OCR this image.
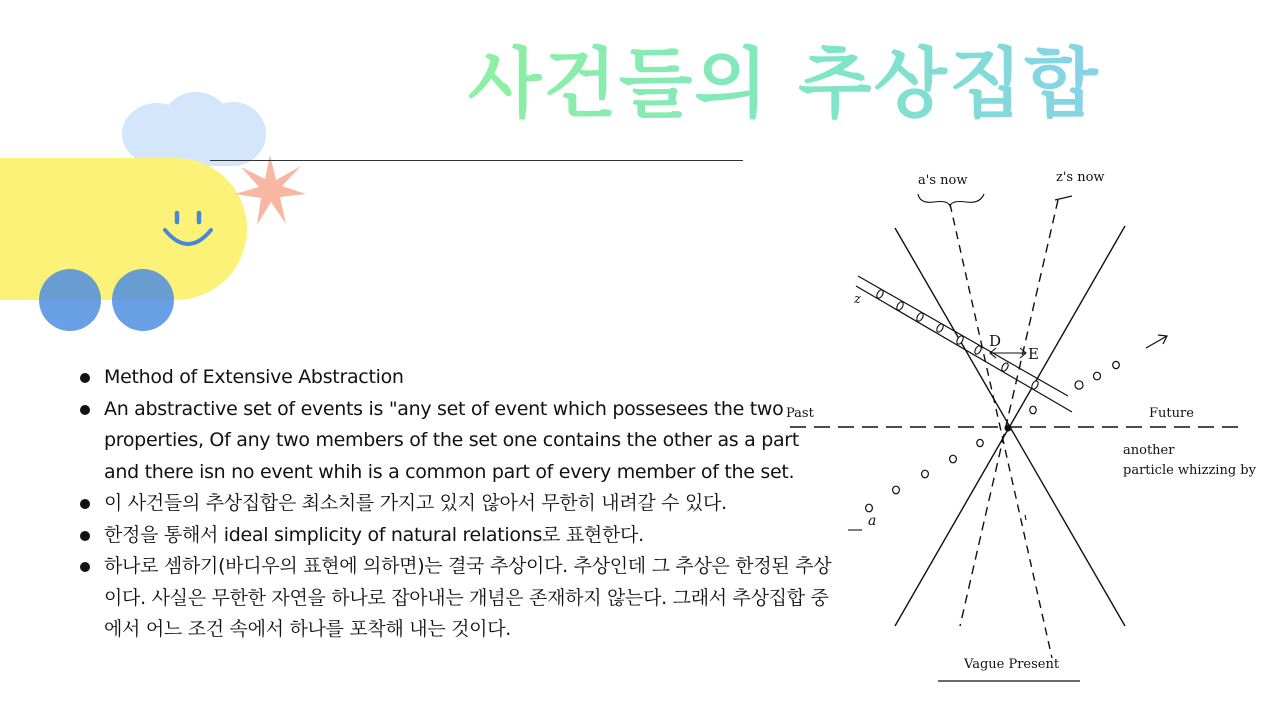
사건들의 추상집합
Method of Extensive Abstraction
An abstractive set of events is "any set of event which possesees the two properties, Of any two members of the set one contains the other as a part and there isn no event whih is a common part of every member of the set.
이 사건들의 추상집합은 최소치를 가지고 있지 않아서 무한히 내려갈 수 있다.
한정을 통해서 ideal simplicity of natural relations로 표현한다.
하나로 셈하기(바디우의 표현에 의하면)는 결국 추상이다. 추상인데 그 추상은 한정된 추상이다. 사실은 무한한 자연을 하나로 잡아내는 개념은 존재하지 않는다. 그래서 추상집합 중에서 어느 조건 속에서 하나를 포착해 내는 것이다.
a's now	z's now
z
a
D
E
Past	Future
another
particle whizzing by
Vague Present
